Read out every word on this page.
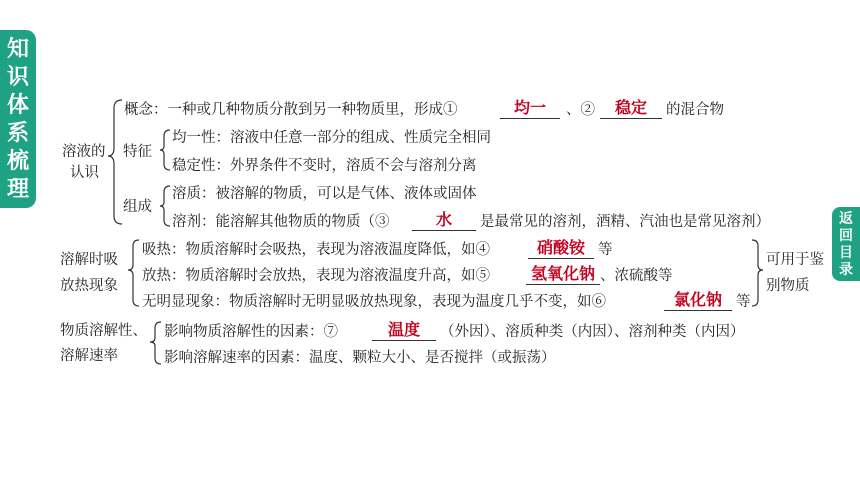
知
识
体
系
梳
理
返
回
目
录
溶液的
认识
概念：一种或几种物质分散到另一种物质里，形成①	均一	、②	稳定	的混合物
特征
均一性：溶液中任意一部分的组成、性质完全相同
稳定性：外界条件不变时，溶质不会与溶剂分离
组成
溶质：被溶解的物质，可以是气体、液体或固体
溶剂：能溶解其他物质的物质（③	水	是最常见的溶剂，酒精、汽油也是常见溶剂）
溶解时吸
放热现象
吸热：物质溶解时会吸热，表现为溶液温度降低，如④	硝酸铵 等
放热：物质溶解时会放热，表现为溶液温度升高，如⑤	氢氧化钠 、浓硫酸等
无明显现象：物质溶解时无明显吸放热现象，表现为温度几乎不变，如⑥	氯化钠 等
可用于鉴
别物质
物质溶解性、
溶解速率
影响物质溶解性的因素：⑦	温度	（外因）、溶质种类（内因）、溶剂种类（内因）
影响溶解速率的因素：温度、颗粒大小、是否搅拌（或振荡）
